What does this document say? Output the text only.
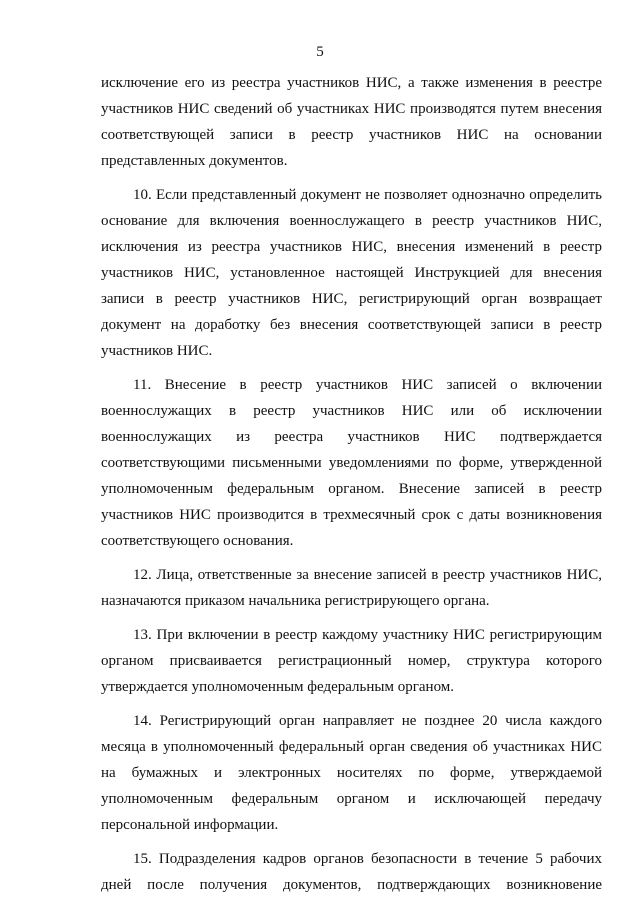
5
исключение его из реестра участников НИС, а также изменения в реестре
участников НИС сведений об участниках НИС производятся путем внесения
соответствующей записи в реестр участников НИС на основании
представленных документов.
10. Если представленный документ не позволяет однозначно определить
основание для включения военнослужащего в реестр участников НИС,
исключения из реестра участников НИС, внесения изменений в реестр
участников НИС, установленное настоящей Инструкцией для внесения
записи в реестр участников НИС, регистрирующий орган возвращает
документ на доработку без внесения соответствующей записи в реестр
участников НИС.
11. Внесение в реестр участников НИС записей о включении
военнослужащих в реестр участников НИС или об исключении
военнослужащих из реестра участников НИС подтверждается
соответствующими письменными уведомлениями по форме, утвержденной
уполномоченным федеральным органом. Внесение записей в реестр
участников НИС производится в трехмесячный срок с даты возникновения
соответствующего основания.
12. Лица, ответственные за внесение записей в реестр участников НИС,
назначаются приказом начальника регистрирующего органа.
13. При включении в реестр каждому участнику НИС регистрирующим
органом присваивается регистрационный номер, структура которого
утверждается уполномоченным федеральным органом.
14. Регистрирующий орган направляет не позднее 20 числа каждого
месяца в уполномоченный федеральный орган сведения об участниках НИС
на бумажных и электронных носителях по форме, утверждаемой
уполномоченным федеральным органом и исключающей передачу
персональной информации.
15. Подразделения кадров органов безопасности в течение 5 рабочих
дней после получения документов, подтверждающих возникновение
